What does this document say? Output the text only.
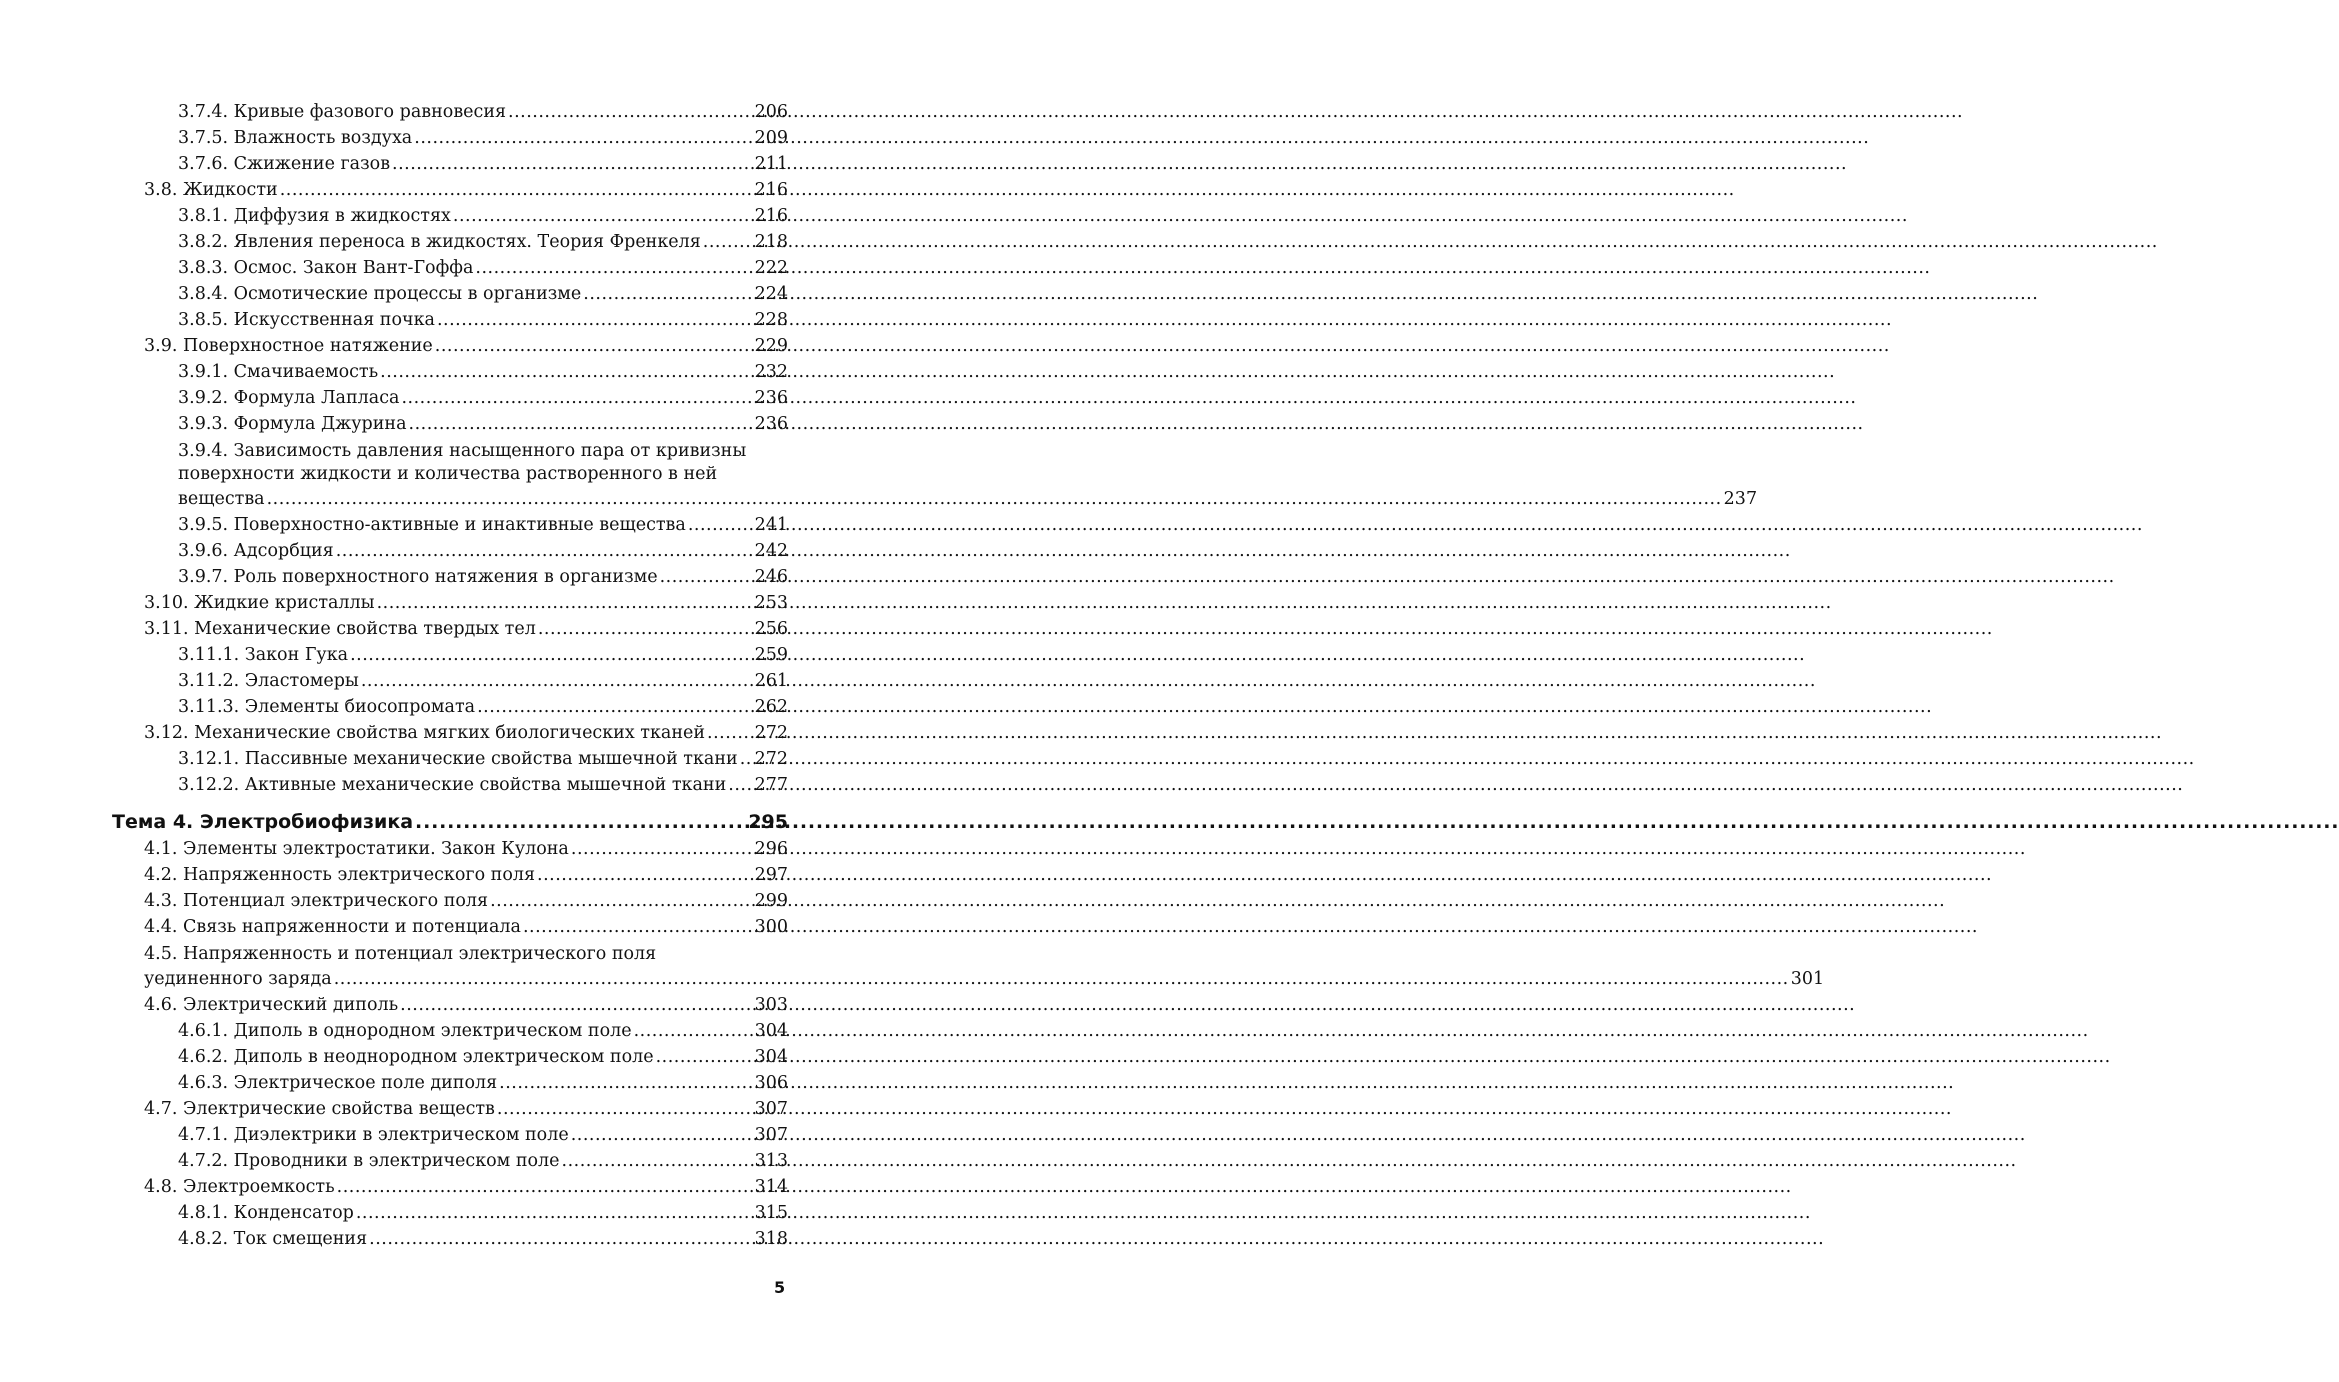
3.7.4. Кривые фазового равновесия .....	206
3.7.5. Влажность воздуха .....	209
3.7.6. Сжижение газов .....	211
3.8. Жидкости .....	216
3.8.1. Диффузия в жидкостях .....	216
3.8.2. Явления переноса в жидкостях. Теория Френкеля .....	218
3.8.3. Осмос. Закон Вант-Гоффа .....	222
3.8.4. Осмотические процессы в организме .....	224
3.8.5. Искусственная почка .....	228
3.9. Поверхностное натяжение .....	229
3.9.1. Смачиваемость .....	232
3.9.2. Формула Лапласа .....	236
3.9.3. Формула Джурина .....	236
3.9.4. Зависимость давления насыщенного пара от кривизны
поверхности жидкости и количества растворенного в ней
вещества .....	237
3.9.5. Поверхностно-активные и инактивные вещества .....	241
3.9.6. Адсорбция .....	242
3.9.7. Роль поверхностного натяжения в организме .....	246
3.10. Жидкие кристаллы .....	253
3.11. Механические свойства твердых тел .....	256
3.11.1. Закон Гука .....	259
3.11.2. Эластомеры .....	261
3.11.3. Элементы биосопромата .....	262
3.12. Механические свойства мягких биологических тканей .....	272
3.12.1. Пассивные механические свойства мышечной ткани ..... 272
3.12.2. Активные механические свойства мышечной ткани ..... 277
Тема 4. Электробиофизика .....	295
4.1. Элементы электростатики. Закон Кулона .....	296
4.2. Напряженность электрического поля .....	297
4.3. Потенциал электрического поля .....	299
4.4. Связь напряженности и потенциала .....	300
4.5. Напряженность и потенциал электрического поля
уединенного заряда .....	301
4.6. Электрический диполь .....	303
4.6.1. Диполь в однородном электрическом поле .....	304
4.6.2. Диполь в неоднородном электрическом поле .....	304
4.6.3. Электрическое поле диполя .....	306
4.7. Электрические свойства веществ .....	307
4.7.1. Диэлектрики в электрическом поле .....	307
4.7.2. Проводники в электрическом поле .....	313
4.8. Электроемкость .....	314
4.8.1. Конденсатор .....	315
4.8.2. Ток смещения .....	318
5
